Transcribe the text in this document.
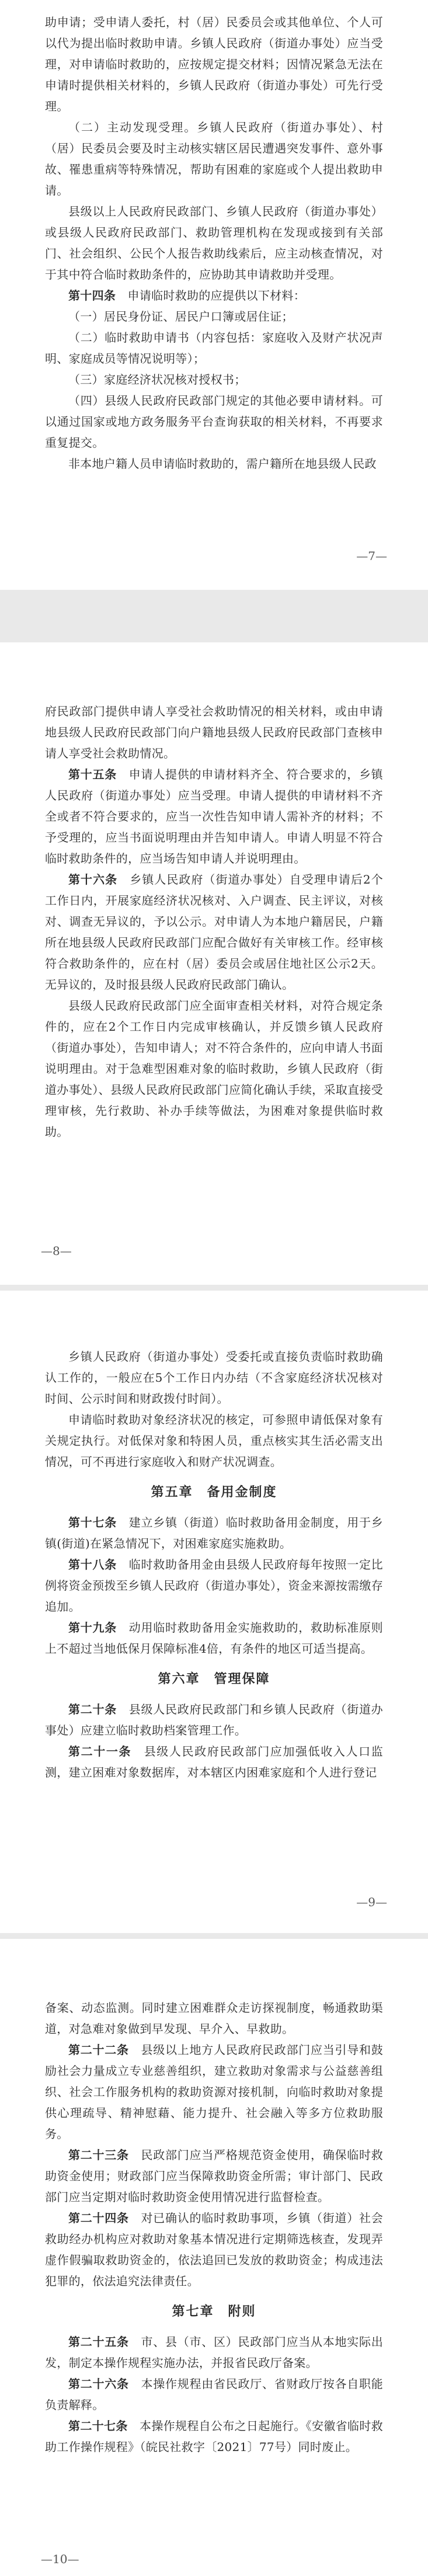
助申请；受申请人委托，村（居）民委员会或其他单位、个人可以代为提出临时救助申请。乡镇人民政府（街道办事处）应当受理，对申请临时救助的，应按规定提交材料；因情况紧急无法在申请时提供相关材料的，乡镇人民政府（街道办事处）可先行受理。

（二）主动发现受理。乡镇人民政府（街道办事处）、村（居）民委员会要及时主动核实辖区居民遭遇突发事件、意外事故、罹患重病等特殊情况，帮助有困难的家庭或个人提出救助申请。

县级以上人民政府民政部门、乡镇人民政府（街道办事处）或县级人民政府民政部门、救助管理机构在发现或接到有关部门、社会组织、公民个人报告救助线索后，应主动核查情况，对于其中符合临时救助条件的，应协助其申请救助并受理。

第十四条　 申请临时救助的应提供以下材料：

（一）居民身份证、居民户口簿或居住证；

（二）临时救助申请书（内容包括：家庭收入及财产状况声明、家庭成员等情况说明等）；

（三）家庭经济状况核对授权书；

（四）县级人民政府民政部门规定的其他必要申请材料。可以通过国家或地方政务服务平台查询获取的相关材料，不再要求重复提交。

非本地户籍人员申请临时救助的，需户籍所在地县级人民政

—7—

府民政部门提供申请人享受社会救助情况的相关材料，或由申请地县级人民政府民政部门向户籍地县级人民政府民政部门查核申请人享受社会救助情况。

第十五条　 申请人提供的申请材料齐全、符合要求的，乡镇人民政府（街道办事处）应当受理。申请人提供的申请材料不齐全或者不符合要求的，应当一次性告知申请人需补齐的材料；不予受理的，应当书面说明理由并告知申请人。申请人明显不符合临时救助条件的，应当场告知申请人并说明理由。

第十六条　 乡镇人民政府（街道办事处）自受理申请后2个工作日内，开展家庭经济状况核对、入户调查、民主评议，对核对、调查无异议的，予以公示。对申请人为本地户籍居民，户籍所在地县级人民政府民政部门应配合做好有关审核工作。经审核符合救助条件的，应在村（居）委员会或居住地社区公示2天。无异议的，及时报县级人民政府民政部门确认。

县级人民政府民政部门应全面审查相关材料，对符合规定条件的，应在2个工作日内完成审核确认，并反馈乡镇人民政府（街道办事处），告知申请人；对不符合条件的，应向申请人书面说明理由。对于急难型困难对象的临时救助，乡镇人民政府（街道办事处）、县级人民政府民政部门应简化确认手续，采取直接受理审核，先行救助、补办手续等做法，为困难对象提供临时救助。

—8—

乡镇人民政府（街道办事处）受委托或直接负责临时救助确认工作的，一般应在5个工作日内办结（不含家庭经济状况核对时间、公示时间和财政拨付时间）。

申请临时救助对象经济状况的核定，可参照申请低保对象有关规定执行。对低保对象和特困人员，重点核实其生活必需支出情况，可不再进行家庭收入和财产状况调查。

第五章　备用金制度

第十七条　 建立乡镇（街道）临时救助备用金制度，用于乡镇(街道)在紧急情况下，对困难家庭实施救助。

第十八条　 临时救助备用金由县级人民政府每年按照一定比例将资金预拨至乡镇人民政府（街道办事处），资金来源按需缴存追加。

第十九条　 动用临时救助备用金实施救助的，救助标准原则上不超过当地低保月保障标准4倍，有条件的地区可适当提高。

第六章　管理保障

第二十条　 县级人民政府民政部门和乡镇人民政府（街道办事处）应建立临时救助档案管理工作。

第二十一条　 县级人民政府民政部门应加强低收入人口监测，建立困难对象数据库，对本辖区内困难家庭和个人进行登记

—9—

备案、动态监测。同时建立困难群众走访探视制度，畅通救助渠道，对急难对象做到早发现、早介入、早救助。

第二十二条　 县级以上地方人民政府民政部门应当引导和鼓励社会力量成立专业慈善组织，建立救助对象需求与公益慈善组织、社会工作服务机构的救助资源对接机制，向临时救助对象提供心理疏导、精神慰藉、能力提升、社会融入等多方位救助服务。

第二十三条　 民政部门应当严格规范资金使用，确保临时救助资金使用；财政部门应当保障救助资金所需；审计部门、民政部门应当定期对临时救助资金使用情况进行监督检查。

第二十四条　 对已确认的临时救助事项，乡镇（街道）社会救助经办机构应对救助对象基本情况进行定期筛选核查，发现弄虚作假骗取救助资金的，依法追回已发放的救助资金；构成违法犯罪的，依法追究法律责任。

第七章　附则

第二十五条　 市、县（市、区）民政部门应当从本地实际出发，制定本操作规程实施办法，并报省民政厅备案。

第二十六条　 本操作规程由省民政厅、省财政厅按各自职能负责解释。

第二十七条　 本操作规程自公布之日起施行。《安徽省临时救助工作操作规程》（皖民社救字〔2021〕77号）同时废止。

—10—
